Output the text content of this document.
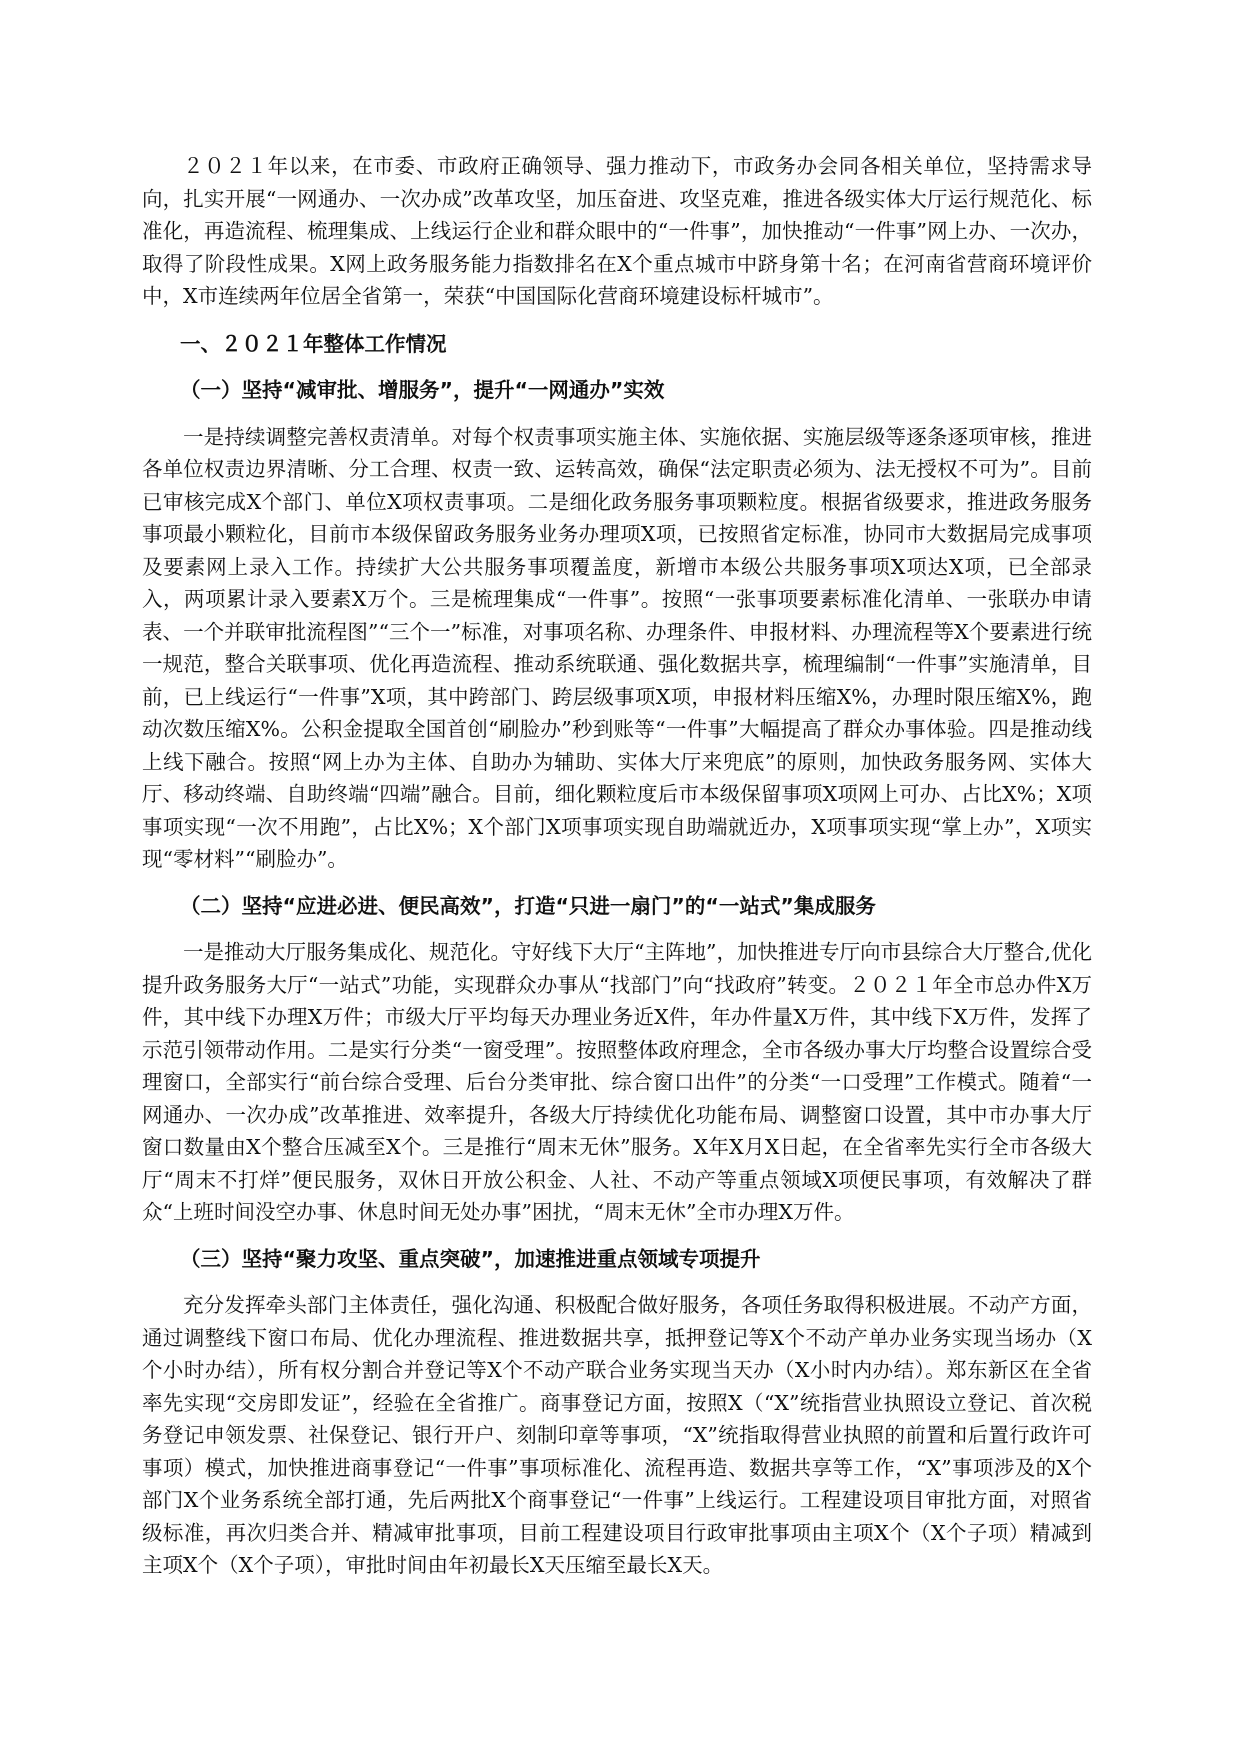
２０２１年以来，在市委、市政府正确领导、强力推动下，市政务办会同各相关单位，坚持需求导向，扎实开展“一网通办、一次办成”改革攻坚，加压奋进、攻坚克难，推进各级实体大厅运行规范化、标准化，再造流程、梳理集成、上线运行企业和群众眼中的“一件事”，加快推动“一件事”网上办、一次办，取得了阶段性成果。X网上政务服务能力指数排名在X个重点城市中跻身第十名；在河南省营商环境评价中，X市连续两年位居全省第一，荣获“中国国际化营商环境建设标杆城市”。

一、２０２１年整体工作情况

（一）坚持“减审批、增服务”，提升“一网通办”实效

一是持续调整完善权责清单。对每个权责事项实施主体、实施依据、实施层级等逐条逐项审核，推进各单位权责边界清晰、分工合理、权责一致、运转高效，确保“法定职责必须为、法无授权不可为”。目前已审核完成X个部门、单位X项权责事项。二是细化政务服务事项颗粒度。根据省级要求，推进政务服务事项最小颗粒化，目前市本级保留政务服务业务办理项X项，已按照省定标准，协同市大数据局完成事项及要素网上录入工作。持续扩大公共服务事项覆盖度，新增市本级公共服务事项X项达X项，已全部录入，两项累计录入要素X万个。三是梳理集成“一件事”。按照“一张事项要素标准化清单、一张联办申请表、一个并联审批流程图”“三个一”标准，对事项名称、办理条件、申报材料、办理流程等X个要素进行统一规范，整合关联事项、优化再造流程、推动系统联通、强化数据共享，梳理编制“一件事”实施清单，目前，已上线运行“一件事”X项，其中跨部门、跨层级事项X项，申报材料压缩X%，办理时限压缩X%，跑动次数压缩X%。公积金提取全国首创“刷脸办”秒到账等“一件事”大幅提高了群众办事体验。四是推动线上线下融合。按照“网上办为主体、自助办为辅助、实体大厅来兜底”的原则，加快政务服务网、实体大厅、移动终端、自助终端“四端”融合。目前，细化颗粒度后市本级保留事项X项网上可办、占比X%；X项事项实现“一次不用跑”，占比X%；X个部门X项事项实现自助端就近办，X项事项实现“掌上办”，X项实现“零材料”“刷脸办”。

（二）坚持“应进必进、便民高效”，打造“只进一扇门”的“一站式”集成服务

一是推动大厅服务集成化、规范化。守好线下大厅“主阵地”，加快推进专厅向市县综合大厅整合,优化提升政务服务大厅“一站式”功能，实现群众办事从“找部门”向“找政府”转变。２０２１年全市总办件X万件，其中线下办理X万件；市级大厅平均每天办理业务近X件，年办件量X万件，其中线下X万件，发挥了示范引领带动作用。二是实行分类“一窗受理”。按照整体政府理念，全市各级办事大厅均整合设置综合受理窗口，全部实行“前台综合受理、后台分类审批、综合窗口出件”的分类“一口受理”工作模式。随着“一网通办、一次办成”改革推进、效率提升，各级大厅持续优化功能布局、调整窗口设置，其中市办事大厅窗口数量由X个整合压减至X个。三是推行“周末无休”服务。X年X月X日起，在全省率先实行全市各级大厅“周末不打烊”便民服务，双休日开放公积金、人社、不动产等重点领域X项便民事项，有效解决了群众“上班时间没空办事、休息时间无处办事”困扰，“周末无休”全市办理X万件。

（三）坚持“聚力攻坚、重点突破”，加速推进重点领域专项提升

充分发挥牵头部门主体责任，强化沟通、积极配合做好服务，各项任务取得积极进展。不动产方面，通过调整线下窗口布局、优化办理流程、推进数据共享，抵押登记等X个不动产单办业务实现当场办（X个小时办结），所有权分割合并登记等X个不动产联合业务实现当天办（X小时内办结）。郑东新区在全省率先实现“交房即发证”，经验在全省推广。商事登记方面，按照X（“X”统指营业执照设立登记、首次税务登记申领发票、社保登记、银行开户、刻制印章等事项，“X”统指取得营业执照的前置和后置行政许可事项）模式，加快推进商事登记“一件事”事项标准化、流程再造、数据共享等工作，“X”事项涉及的X个部门X个业务系统全部打通，先后两批X个商事登记“一件事”上线运行。工程建设项目审批方面，对照省级标准，再次归类合并、精减审批事项，目前工程建设项目行政审批事项由主项X个（X个子项）精减到主项X个（X个子项），审批时间由年初最长X天压缩至最长X天。
